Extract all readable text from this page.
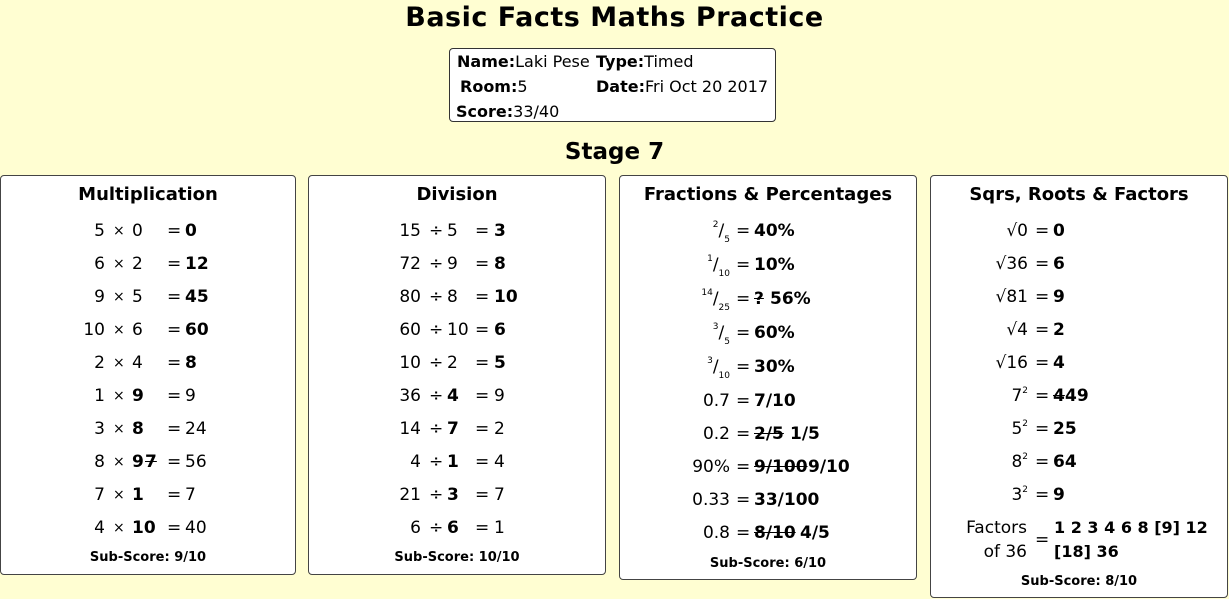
Basic Facts Maths Practice
Name:Laki Pese Type:Timed
Room:5	Date:Fri Oct 20 2017
Score:33/40
Stage 7
Multiplication
5 × 0 = 0
6 × 2 = 12
9 × 5 = 45
10 × 6 = 60
2 × 4 = 8
1 × 9 = 9
3 × 8 = 24
8 × 9 7 = 56
7 × 1 = 7
4 × 10 = 40
Sub-Score: 9/10
Division
15 ÷ 5 = 3
72 ÷ 9 = 8
80 ÷ 8 = 10
60 ÷ 10 = 6
10 ÷ 2 = 5
36 ÷ 4 = 9
14 ÷ 7 = 2
4 ÷ 1 = 4
21 ÷ 3 = 7
6 ÷ 6 = 1
Sub-Score: 10/10
Fractions & Percentages
$^2/_5 = 40\%$
$^1/_{10} = 10\%$
$^{14}/_{25}$ = ? 56%
$^3/_5 = 60\%$
$^3/_{10} = 30\%$
0.7 = 7/10
0.2 = 2/5 1/5
90% = 9/100 9/10
0.33 = 33/100
0.8 = 8/10 4/5
Sub-Score: 6/10
Sqrs, Roots & Factors
√0 = 0
√36 = 6
√81 = 9
√4 = 2
√16 = 4
$7^2 = 4$ 49
$5^2 = 25$
$8^2 = 64$
$3^2 = 9$
Factors 1 2 3 4 6 8 [9] 12
=
of 36 [18] 36
Sub-Score: 8/10
